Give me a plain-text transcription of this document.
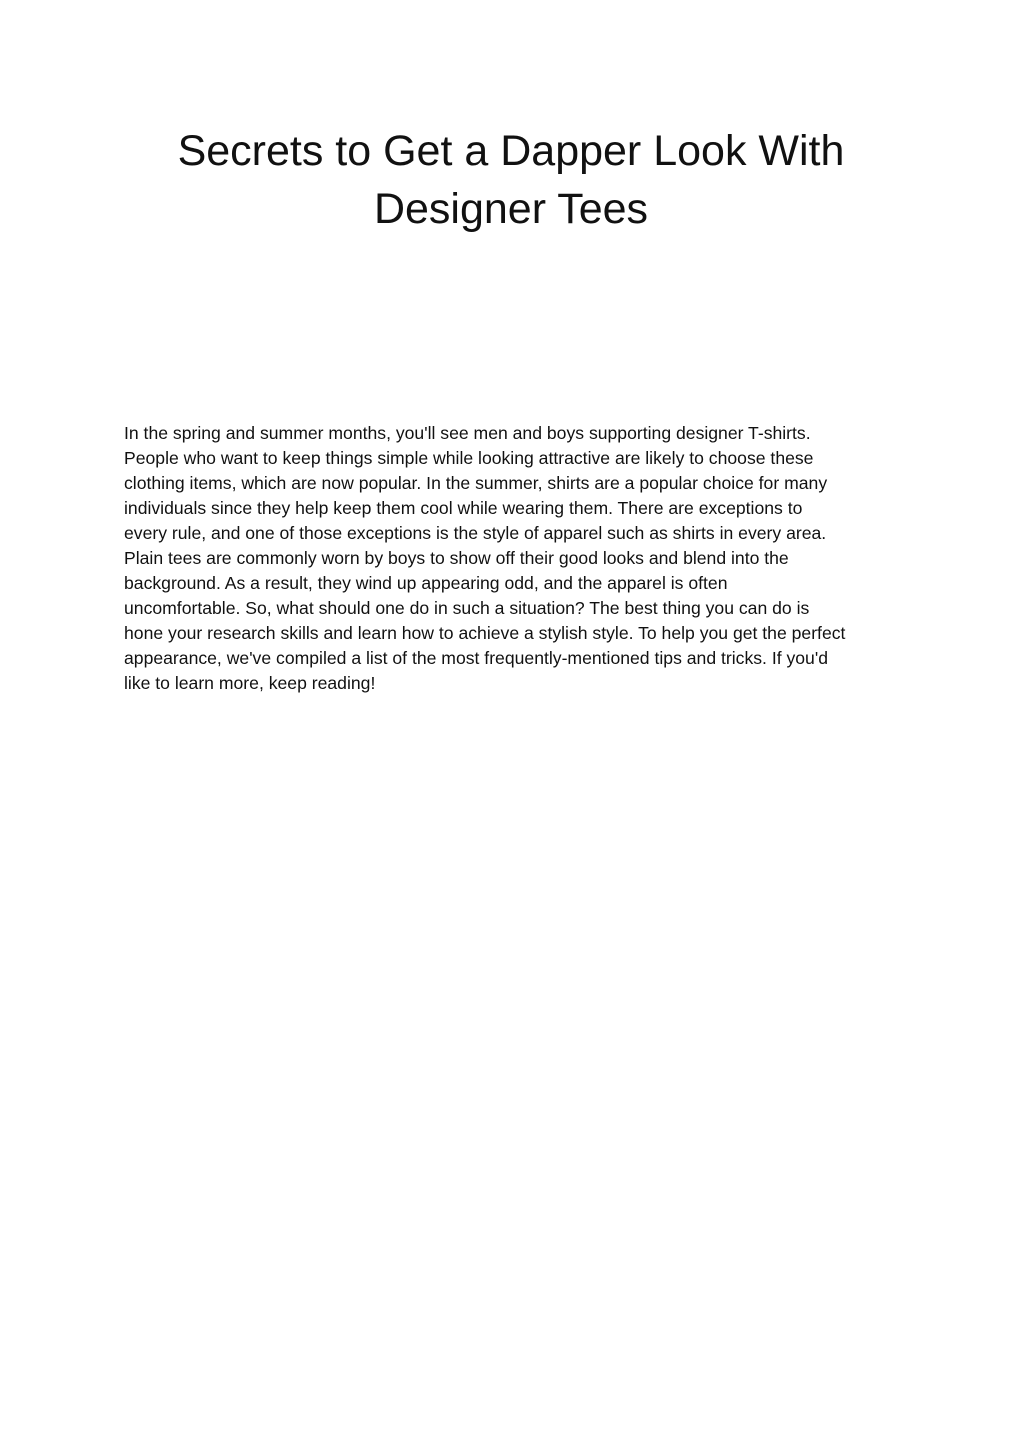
Secrets to Get a Dapper Look With
Designer Tees

In the spring and summer months, you'll see men and boys supporting designer T-shirts.
People who want to keep things simple while looking attractive are likely to choose these
clothing items, which are now popular. In the summer, shirts are a popular choice for many
individuals since they help keep them cool while wearing them. There are exceptions to
every rule, and one of those exceptions is the style of apparel such as shirts in every area.
Plain tees are commonly worn by boys to show off their good looks and blend into the
background. As a result, they wind up appearing odd, and the apparel is often
uncomfortable. So, what should one do in such a situation? The best thing you can do is
hone your research skills and learn how to achieve a stylish style. To help you get the perfect
appearance, we've compiled a list of the most frequently-mentioned tips and tricks. If you'd
like to learn more, keep reading!
